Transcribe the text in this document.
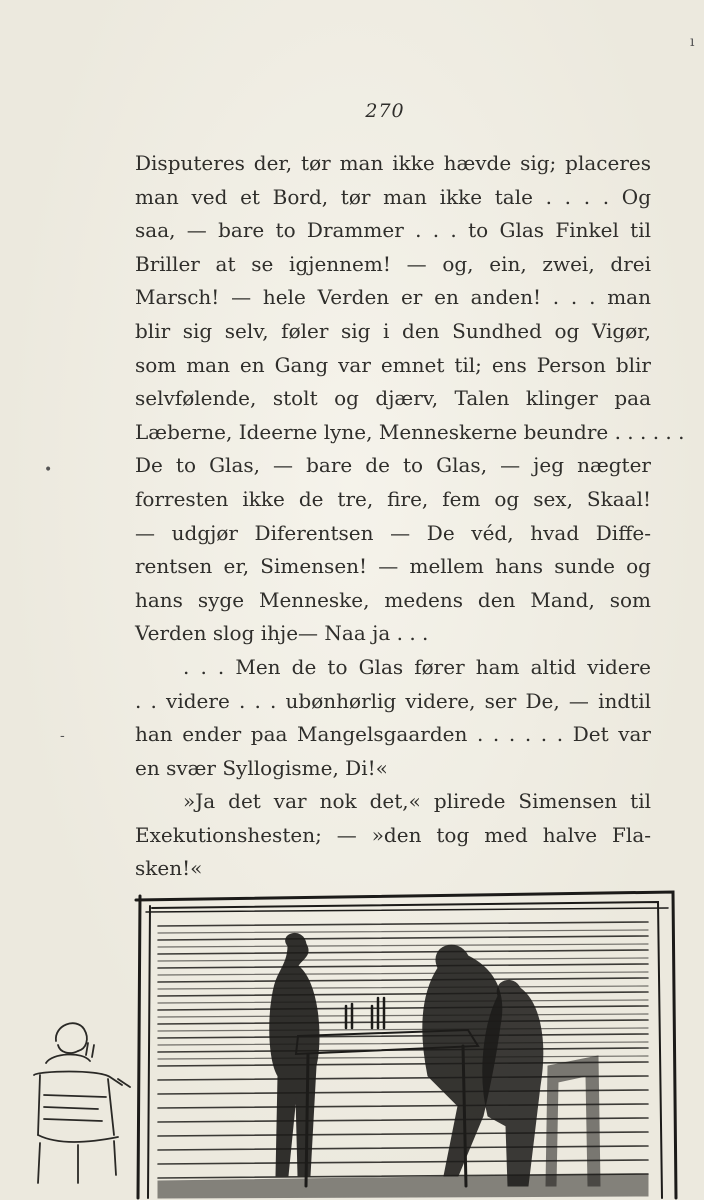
270
Disputeres der, tør man ikke hævde sig; placeres
man ved et Bord, tør man ikke tale . . . . Og
saa, — bare to Drammer . . . to Glas Finkel til
Briller at se igjennem! — og, ein, zwei, drei
Marsch! — hele Verden er en anden! . . . man
blir sig selv, føler sig i den Sundhed og Vigør,
som man en Gang var emnet til; ens Person blir
selvfølende, stolt og djærv, Talen klinger paa
Læberne, Ideerne lyne, Menneskerne beundre . . . . . .
De to Glas, — bare de to Glas, — jeg nægter
forresten ikke de tre, fire, fem og sex, Skaal!
— udgjør Diferentsen — De véd, hvad Diffe-
rentsen er, Simensen! — mellem hans sunde og
hans syge Menneske, medens den Mand, som
Verden slog ihje— Naa ja . . .
. . . Men de to Glas fører ham altid videre
. . videre . . . ubønhørlig videre, ser De, — indtil
han ender paa Mangelsgaarden . . . . . . Det var
en svær Syllogisme, Di!«
»Ja det var nok det,« plirede Simensen til
Exekutionshesten; — »den tog med halve Fla-
sken!«
ı
•
-
